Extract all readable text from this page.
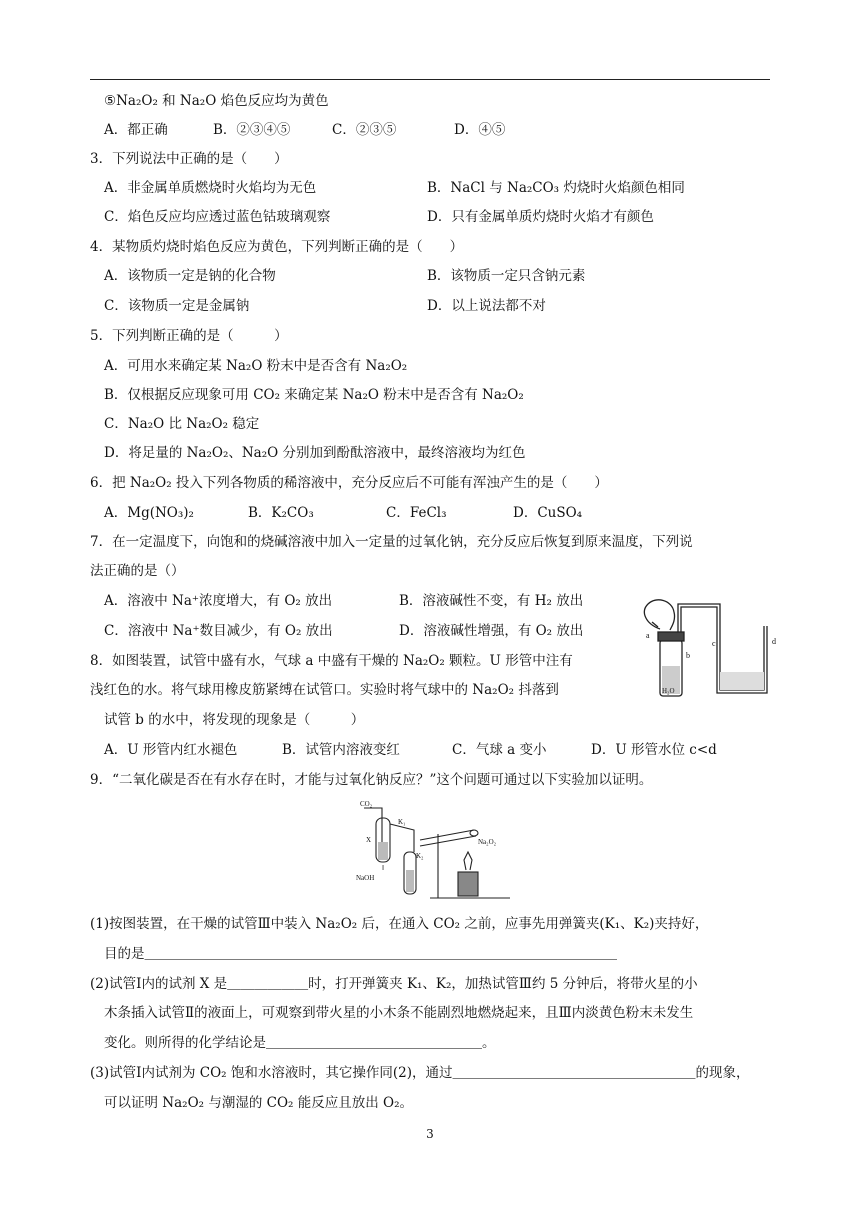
⑤Na₂O₂ 和 Na₂O 焰色反应均为黄色
A．都正确	B．②③④⑤	C．②③⑤	D．④⑤
3．下列说法中正确的是（　　）
A．非金属单质燃烧时火焰均为无色	B．NaCl 与 Na₂CO₃ 灼烧时火焰颜色相同
C．焰色反应均应透过蓝色钴玻璃观察	D．只有金属单质灼烧时火焰才有颜色
4．某物质灼烧时焰色反应为黄色，下列判断正确的是（　　）
A．该物质一定是钠的化合物	B．该物质一定只含钠元素
C．该物质一定是金属钠	D．以上说法都不对
5．下列判断正确的是（　　　）
A．可用水来确定某 Na₂O 粉末中是否含有 Na₂O₂
B．仅根据反应现象可用 CO₂ 来确定某 Na₂O 粉末中是否含有 Na₂O₂
C．Na₂O 比 Na₂O₂ 稳定
D．将足量的 Na₂O₂、Na₂O 分别加到酚酞溶液中，最终溶液均为红色
6．把 Na₂O₂ 投入下列各物质的稀溶液中，充分反应后不可能有浑浊产生的是（　　）
A．Mg(NO₃)₂	B．K₂CO₃	C．FeCl₃	D．CuSO₄
7．在一定温度下，向饱和的烧碱溶液中加入一定量的过氧化钠，充分反应后恢复到原来温度，下列说
法正确的是（）
A．溶液中 Na⁺浓度增大，有 O₂ 放出	B．溶液碱性不变，有 H₂ 放出
C．溶液中 Na⁺数目减少，有 O₂ 放出	D．溶液碱性增强，有 O₂ 放出	a
b
c	d
H₂O
8．如图装置，试管中盛有水，气球 a 中盛有干燥的 Na₂O₂ 颗粒。U 形管中注有
浅红色的水。将气球用橡皮筋紧缚在试管口。实验时将气球中的 Na₂O₂ 抖落到
试管 b 的水中，将发现的现象是（　　　）
A．U 形管内红水褪色	B．试管内溶液变红	C．气球 a 变小	D．U 形管水位 c<d
9．“二氧化碳是否在有水存在时，才能与过氧化钠反应？”这个问题可通过以下实验加以证明。
CO₂
K₁
K₂
X
Ⅰ
NaOH
Na₂O₂
(1)按图装置，在干燥的试管Ⅲ中装入 Na₂O₂ 后，在通入 CO₂ 之前，应事先用弹簧夹(K₁、K₂)夹持好，
目的是＿＿＿＿＿＿＿＿＿＿＿＿＿＿＿＿＿＿＿＿＿＿＿＿＿＿＿＿＿＿＿＿＿＿＿
(2)试管Ⅰ内的试剂 X 是＿＿＿＿＿＿时，打开弹簧夹 K₁、K₂，加热试管Ⅲ约 5 分钟后，将带火星的小
木条插入试管Ⅱ的液面上，可观察到带火星的小木条不能剧烈地燃烧起来，且Ⅲ内淡黄色粉末未发生
变化。则所得的化学结论是＿＿＿＿＿＿＿＿＿＿＿＿＿＿＿＿。
(3)试管Ⅰ内试剂为 CO₂ 饱和水溶液时，其它操作同(2)，通过＿＿＿＿＿＿＿＿＿＿＿＿＿＿＿＿＿＿的现象，
可以证明 Na₂O₂ 与潮湿的 CO₂ 能反应且放出 O₂。
3
